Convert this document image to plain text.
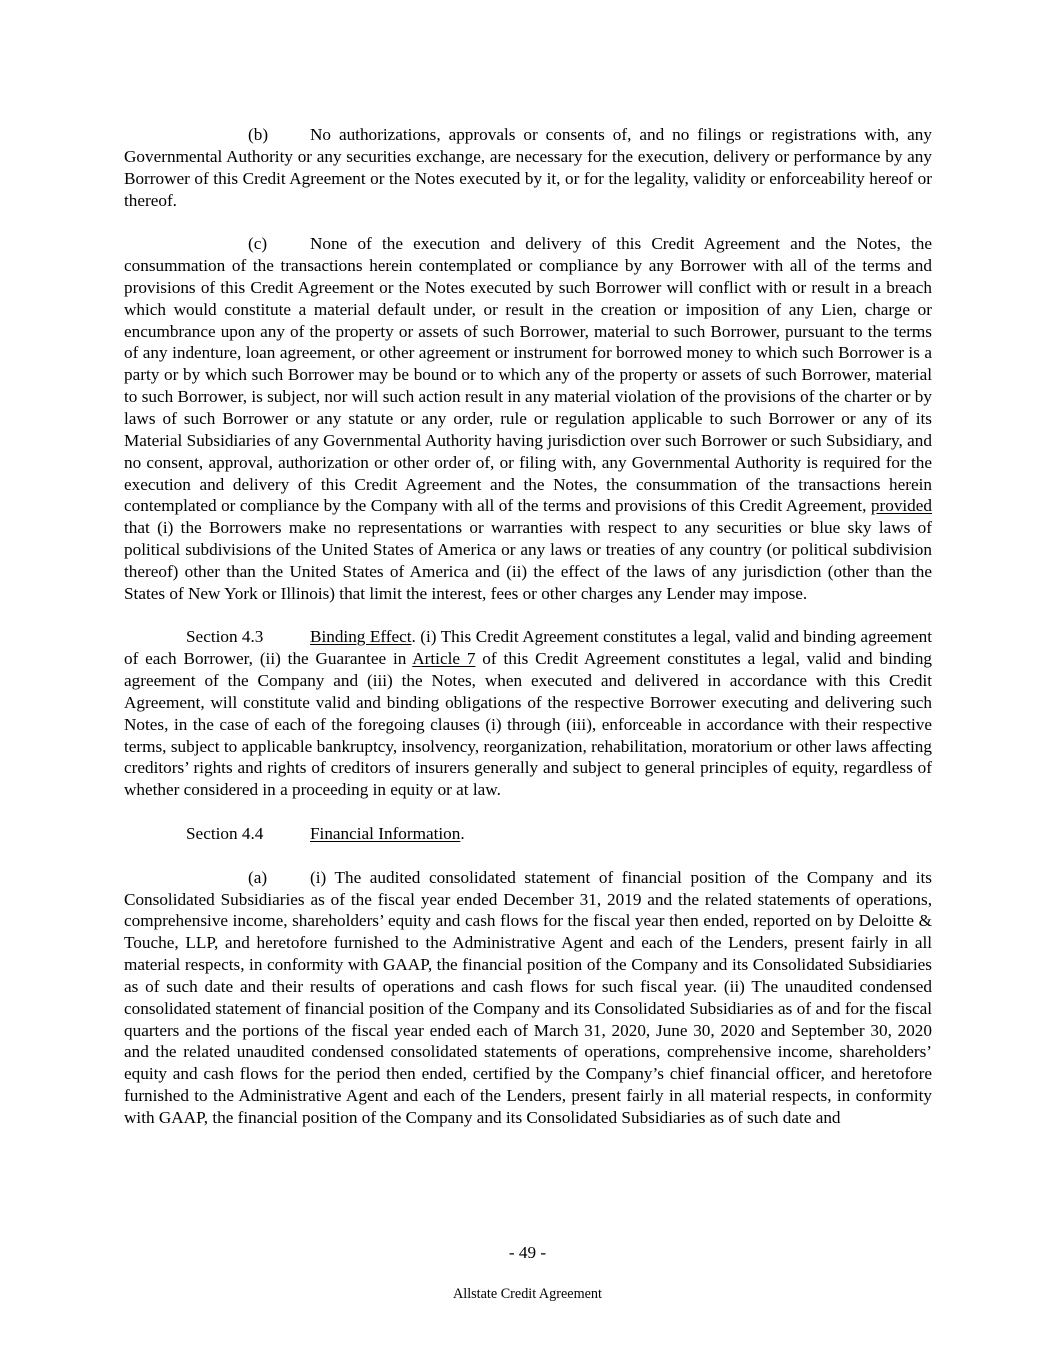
(b) No authorizations, approvals or consents of, and no filings or registrations with, any Governmental Authority or any securities exchange, are necessary for the execution, delivery or performance by any Borrower of this Credit Agreement or the Notes executed by it, or for the legality, validity or enforceability hereof or thereof.

(c) None of the execution and delivery of this Credit Agreement and the Notes, the consummation of the transactions herein contemplated or compliance by any Borrower with all of the terms and provisions of this Credit Agreement or the Notes executed by such Borrower will conflict with or result in a breach which would constitute a material default under, or result in the creation or imposition of any Lien, charge or encumbrance upon any of the property or assets of such Borrower, material to such Borrower, pursuant to the terms of any indenture, loan agreement, or other agreement or instrument for borrowed money to which such Borrower is a party or by which such Borrower may be bound or to which any of the property or assets of such Borrower, material to such Borrower, is subject, nor will such action result in any material violation of the provisions of the charter or by laws of such Borrower or any statute or any order, rule or regulation applicable to such Borrower or any of its Material Subsidiaries of any Governmental Authority having jurisdiction over such Borrower or such Subsidiary, and no consent, approval, authorization or other order of, or filing with, any Governmental Authority is required for the execution and delivery of this Credit Agreement and the Notes, the consummation of the transactions herein contemplated or compliance by the Company with all of the terms and provisions of this Credit Agreement, provided that (i) the Borrowers make no representations or warranties with respect to any securities or blue sky laws of political subdivisions of the United States of America or any laws or treaties of any country (or political subdivision thereof) other than the United States of America and (ii) the effect of the laws of any jurisdiction (other than the States of New York or Illinois) that limit the interest, fees or other charges any Lender may impose.

Section 4.3	Binding Effect. (i) This Credit Agreement constitutes a legal, valid and binding agreement of each Borrower, (ii) the Guarantee in Article 7 of this Credit Agreement constitutes a legal, valid and binding agreement of the Company and (iii) the Notes, when executed and delivered in accordance with this Credit Agreement, will constitute valid and binding obligations of the respective Borrower executing and delivering such Notes, in the case of each of the foregoing clauses (i) through (iii), enforceable in accordance with their respective terms, subject to applicable bankruptcy, insolvency, reorganization, rehabilitation, moratorium or other laws affecting creditors’ rights and rights of creditors of insurers generally and subject to general principles of equity, regardless of whether considered in a proceeding in equity or at law.

Section 4.4	Financial Information.

(a) (i) The audited consolidated statement of financial position of the Company and its Consolidated Subsidiaries as of the fiscal year ended December 31, 2019 and the related statements of operations, comprehensive income, shareholders’ equity and cash flows for the fiscal year then ended, reported on by Deloitte & Touche, LLP, and heretofore furnished to the Administrative Agent and each of the Lenders, present fairly in all material respects, in conformity with GAAP, the financial position of the Company and its Consolidated Subsidiaries as of such date and their results of operations and cash flows for such fiscal year. (ii) The unaudited condensed consolidated statement of financial position of the Company and its Consolidated Subsidiaries as of and for the fiscal quarters and the portions of the fiscal year ended each of March 31, 2020, June 30, 2020 and September 30, 2020 and the related unaudited condensed consolidated statements of operations, comprehensive income, shareholders’ equity and cash flows for the period then ended, certified by the Company’s chief financial officer, and heretofore furnished to the Administrative Agent and each of the Lenders, present fairly in all material respects, in conformity with GAAP, the financial position of the Company and its Consolidated Subsidiaries as of such date and

- 49 -
Allstate Credit Agreement
